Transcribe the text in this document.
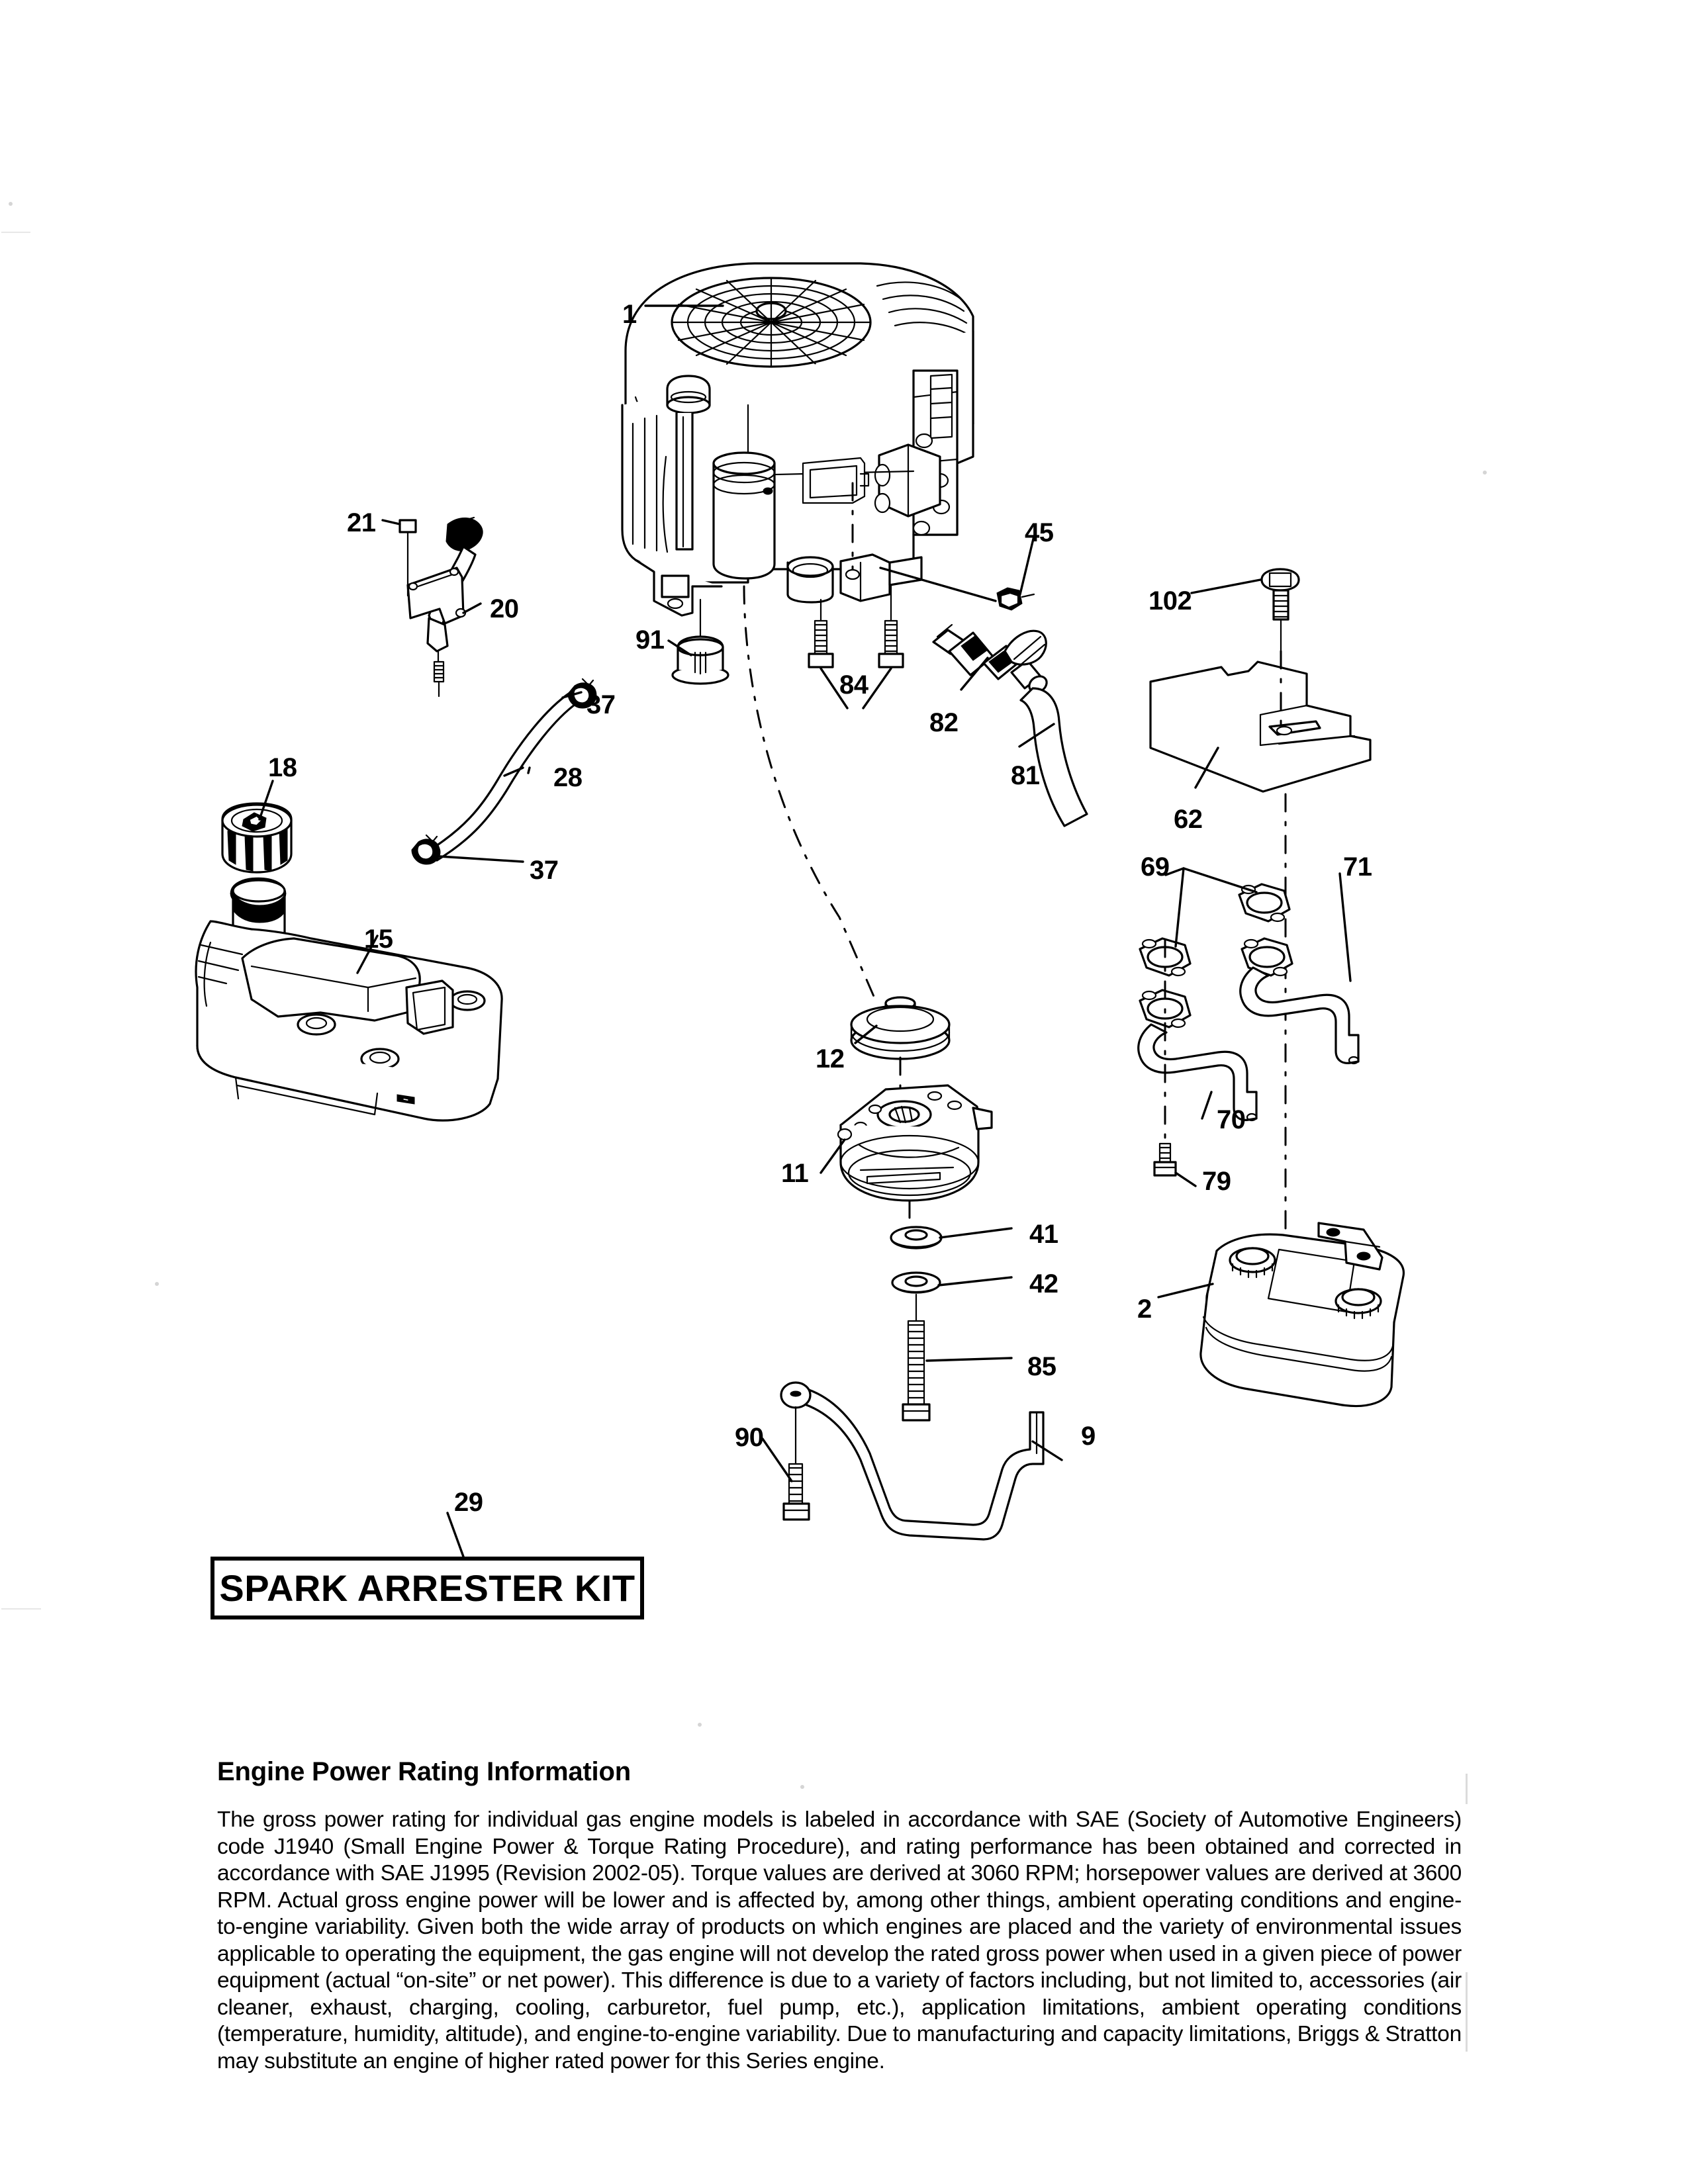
1
21
20
45
102
91
84
82
81
62
37
28
37
18
15
69	71
12
70
11	79
41
42
2
85
90	9
29
SPARK ARRESTER KIT
Engine Power Rating Information

The gross power rating for individual gas engine models is labeled in accordance with SAE (Society of Automotive Engineers) code J1940 (Small Engine Power & Torque Rating Procedure), and rating performance has been obtained and corrected in accordance with SAE J1995 (Revision 2002-05). Torque values are derived at 3060 RPM; horsepower values are derived at 3600 RPM. Actual gross engine power will be lower and is affected by, among other things, ambient operating conditions and engine-to-engine variability. Given both the wide array of products on which engines are placed and the variety of environmental issues applicable to operating the equipment, the gas engine will not develop the rated gross power when used in a given piece of power equipment (actual “on-site” or net power). This difference is due to a variety of factors including, but not limited to, accessories (air cleaner, exhaust, charging, cooling, carburetor, fuel pump, etc.), application limitations, ambient operating conditions (temperature, humidity, altitude), and engine-to-engine variability. Due to manufacturing and capacity limitations, Briggs & Stratton may substitute an engine of higher rated power for this Series engine.
